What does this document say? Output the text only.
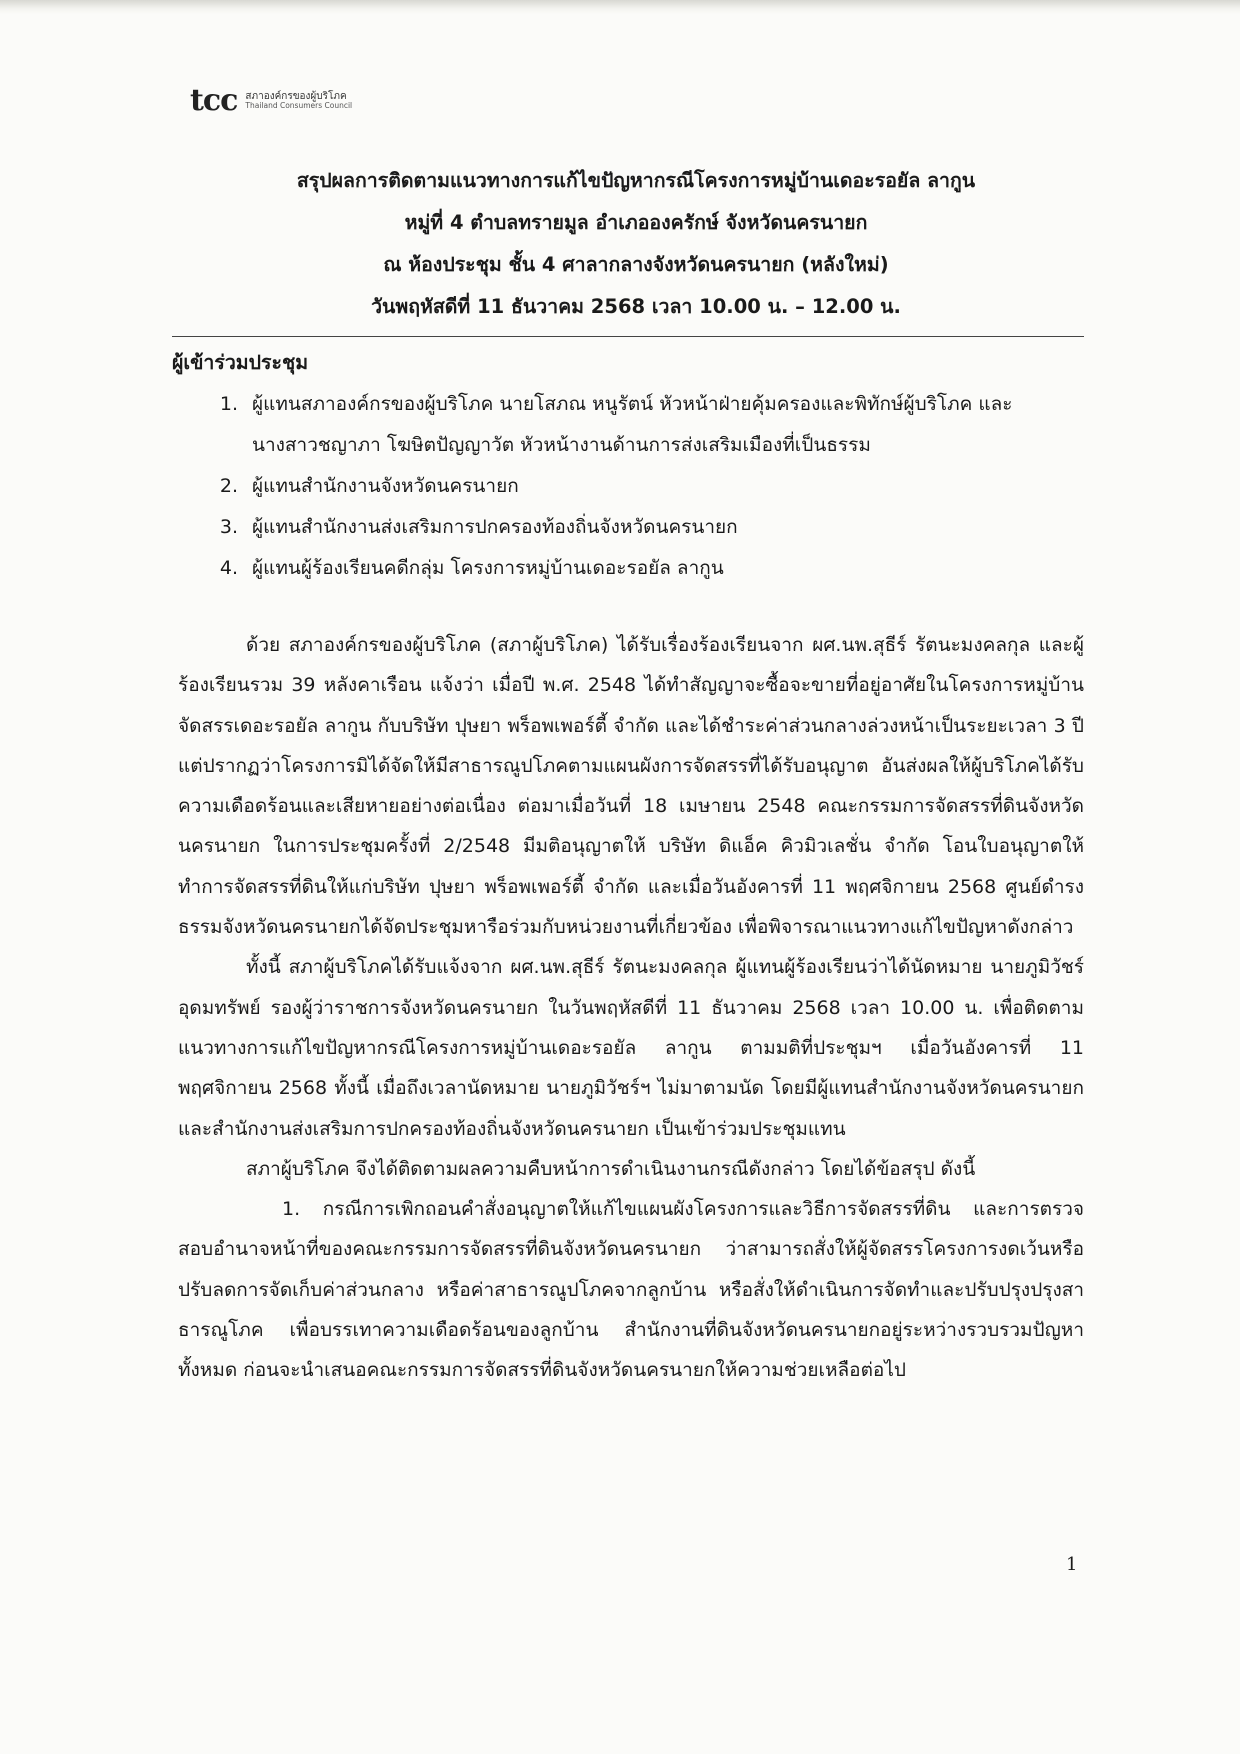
tcc สภาองค์กรของผู้บริโภค
Thailand Consumers Council
สรุปผลการติดตามแนวทางการแก้ไขปัญหากรณีโครงการหมู่บ้านเดอะรอยัล ลากูน
หมู่ที่ 4 ตำบลทรายมูล อำเภอองครักษ์ จังหวัดนครนายก
ณ ห้องประชุม ชั้น 4 ศาลากลางจังหวัดนครนายก (หลังใหม่)
วันพฤหัสดีที่ 11 ธันวาคม 2568 เวลา 10.00 น. – 12.00 น.
ผู้เข้าร่วมประชุม
1. ผู้แทนสภาองค์กรของผู้บริโภค นายโสภณ หนูรัตน์ หัวหน้าฝ่ายคุ้มครองและพิทักษ์ผู้บริโภค และ
นางสาวชญาภา โฆษิตปัญญาวัต หัวหน้างานด้านการส่งเสริมเมืองที่เป็นธรรม
2. ผู้แทนสำนักงานจังหวัดนครนายก
3. ผู้แทนสำนักงานส่งเสริมการปกครองท้องถิ่นจังหวัดนครนายก
4. ผู้แทนผู้ร้องเรียนคดีกลุ่ม โครงการหมู่บ้านเดอะรอยัล ลากูน

ด้วย สภาองค์กรของผู้บริโภค (สภาผู้บริโภค) ได้รับเรื่องร้องเรียนจาก ผศ.นพ.สุธีร์ รัตนะมงคลกุล และผู้ร้องเรียนรวม 39 หลังคาเรือน แจ้งว่า เมื่อปี พ.ศ. 2548 ได้ทำสัญญาจะซื้อจะขายที่อยู่อาศัยในโครงการหมู่บ้านจัดสรรเดอะรอยัล ลากูน กับบริษัท ปุษยา พร็อพเพอร์ตี้ จำกัด และได้ชำระค่าส่วนกลางล่วงหน้าเป็นระยะเวลา 3 ปี แต่ปรากฏว่าโครงการมิได้จัดให้มีสาธารณูปโภคตามแผนผังการจัดสรรที่ได้รับอนุญาต อันส่งผลให้ผู้บริโภคได้รับความเดือดร้อนและเสียหายอย่างต่อเนื่อง ต่อมาเมื่อวันที่ 18 เมษายน 2548 คณะกรรมการจัดสรรที่ดินจังหวัดนครนายก ในการประชุมครั้งที่ 2/2548 มีมติอนุญาตให้ บริษัท ดิแอ็ค คิวมิวเลชั่น จำกัด โอนใบอนุญาตให้ทำการจัดสรรที่ดินให้แก่บริษัท ปุษยา พร็อพเพอร์ตี้ จำกัด และเมื่อวันอังคารที่ 11 พฤศจิกายน 2568 ศูนย์ดำรงธรรมจังหวัดนครนายกได้จัดประชุมหารือร่วมกับหน่วยงานที่เกี่ยวข้อง เพื่อพิจารณาแนวทางแก้ไขปัญหาดังกล่าว

ทั้งนี้ สภาผู้บริโภคได้รับแจ้งจาก ผศ.นพ.สุธีร์ รัตนะมงคลกุล ผู้แทนผู้ร้องเรียนว่าได้นัดหมาย นายภูมิวัชร์ อุดมทรัพย์ รองผู้ว่าราชการจังหวัดนครนายก ในวันพฤหัสดีที่ 11 ธันวาคม 2568 เวลา 10.00 น. เพื่อติดตามแนวทางการแก้ไขปัญหากรณีโครงการหมู่บ้านเดอะรอยัล ลากูน ตามมติที่ประชุมฯ เมื่อวันอังคารที่ 11 พฤศจิกายน 2568 ทั้งนี้ เมื่อถึงเวลานัดหมาย นายภูมิวัชร์ฯ ไม่มาตามนัด โดยมีผู้แทนสำนักงานจังหวัดนครนายก และสำนักงานส่งเสริมการปกครองท้องถิ่นจังหวัดนครนายก เป็นเข้าร่วมประชุมแทน

สภาผู้บริโภค จึงได้ติดตามผลความคืบหน้าการดำเนินงานกรณีดังกล่าว โดยได้ข้อสรุป ดังนี้

1. กรณีการเพิกถอนคำสั่งอนุญาตให้แก้ไขแผนผังโครงการและวิธีการจัดสรรที่ดิน และการตรวจสอบอำนาจหน้าที่ของคณะกรรมการจัดสรรที่ดินจังหวัดนครนายก ว่าสามารถสั่งให้ผู้จัดสรรโครงการงดเว้นหรือปรับลดการจัดเก็บค่าส่วนกลาง หรือค่าสาธารณูปโภคจากลูกบ้าน หรือสั่งให้ดำเนินการจัดทำและปรับปรุงปรุงสาธารณูโภค เพื่อบรรเทาความเดือดร้อนของลูกบ้าน สำนักงานที่ดินจังหวัดนครนายกอยู่ระหว่างรวบรวมปัญหาทั้งหมด ก่อนจะนำเสนอคณะกรรมการจัดสรรที่ดินจังหวัดนครนายกให้ความช่วยเหลือต่อไป

1
